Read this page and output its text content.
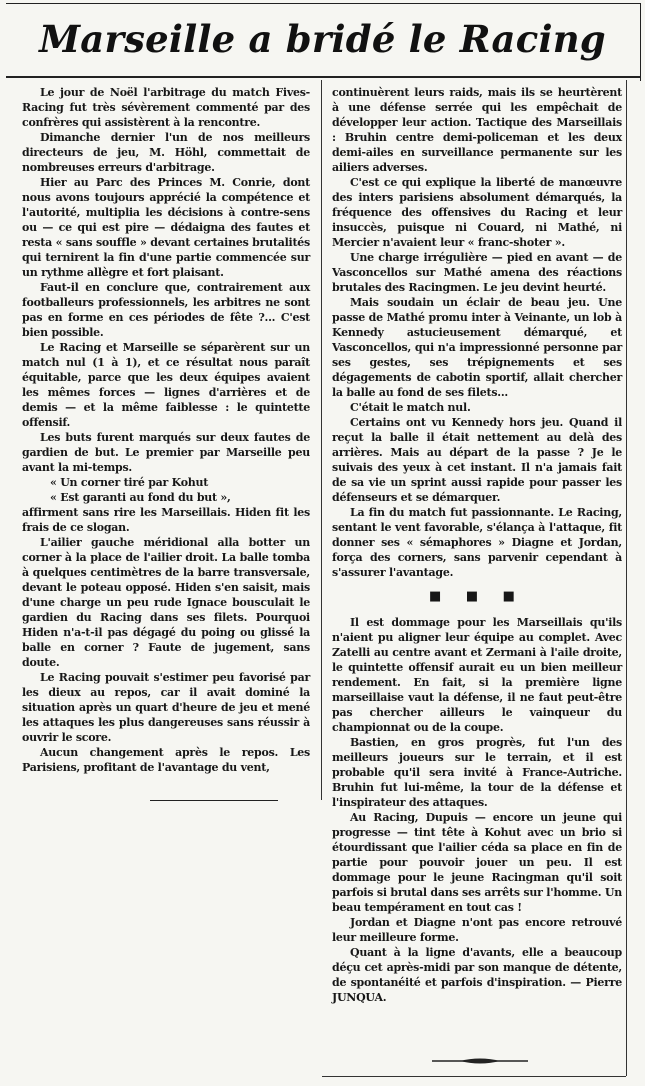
Marseille a bridé le Racing

Le jour de Noël l'arbitrage du match Fives-Racing fut très sévèrement commenté par des confrères qui assistèrent à la rencontre.

Dimanche dernier l'un de nos meilleurs directeurs de jeu, M. Höhl, commettait de nombreuses erreurs d'arbitrage.

Hier au Parc des Princes M. Conrie, dont nous avons toujours apprécié la compétence et l'autorité, multiplia les décisions à contre-sens ou — ce qui est pire — dédaigna des fautes et resta « sans souffle » devant certaines brutalités qui ternirent la fin d'une partie commencée sur un rythme allègre et fort plaisant.

Faut-il en conclure que, contrairement aux footballeurs professionnels, les arbitres ne sont pas en forme en ces périodes de fête ?... C'est bien possible.

Le Racing et Marseille se séparèrent sur un match nul (1 à 1), et ce résultat nous paraît équitable, parce que les deux équipes avaient les mêmes forces — lignes d'arrières et de demis — et la même faiblesse : le quintette offensif.

Les buts furent marqués sur deux fautes de gardien de but. Le premier par Marseille peu avant la mi-temps.

« Un corner tiré par Kohut

« Est garanti au fond du but »,

affirment sans rire les Marseillais. Hiden fit les frais de ce slogan.

L'ailier gauche méridional alla botter un corner à la place de l'ailier droit. La balle tomba à quelques centimètres de la barre transversale, devant le poteau opposé. Hiden s'en saisit, mais d'une charge un peu rude Ignace bousculait le gardien du Racing dans ses filets. Pourquoi Hiden n'a-t-il pas dégagé du poing ou glissé la balle en corner ? Faute de jugement, sans doute.

Le Racing pouvait s'estimer peu favorisé par les dieux au repos, car il avait dominé la situation après un quart d'heure de jeu et mené les attaques les plus dangereuses sans réussir à ouvrir le score.

Aucun changement après le repos. Les Parisiens, profitant de l'avantage du vent,

continuèrent leurs raids, mais ils se heurtèrent à une défense serrée qui les empêchait de développer leur action. Tactique des Marseillais : Bruhin centre demi-policeman et les deux demi-ailes en surveillance permanente sur les ailiers adverses.

C'est ce qui explique la liberté de manœuvre des inters parisiens absolument démarqués, la fréquence des offensives du Racing et leur insuccès, puisque ni Couard, ni Mathé, ni Mercier n'avaient leur « franc-shoter ».

Une charge irrégulière — pied en avant — de Vasconcellos sur Mathé amena des réactions brutales des Racingmen. Le jeu devint heurté.

Mais soudain un éclair de beau jeu. Une passe de Mathé promu inter à Veinante, un lob à Kennedy astucieusement démarqué, et Vasconcellos, qui n'a impressionné personne par ses gestes, ses trépignements et ses dégagements de cabotin sportif, allait chercher la balle au fond de ses filets...

C'était le match nul.

Certains ont vu Kennedy hors jeu. Quand il reçut la balle il était nettement au delà des arrières. Mais au départ de la passe ? Je le suivais des yeux à cet instant. Il n'a jamais fait de sa vie un sprint aussi rapide pour passer les défenseurs et se démarquer.

La fin du match fut passionnante. Le Racing, sentant le vent favorable, s'élança à l'attaque, fit donner ses « sémaphores » Diagne et Jordan, força des corners, sans parvenir cependant à s'assurer l'avantage.

■ ■ ■

Il est dommage pour les Marseillais qu'ils n'aient pu aligner leur équipe au complet. Avec Zatelli au centre avant et Zermani à l'aile droite, le quintette offensif aurait eu un bien meilleur rendement. En fait, si la première ligne marseillaise vaut la défense, il ne faut peut-être pas chercher ailleurs le vainqueur du championnat ou de la coupe.

Bastien, en gros progrès, fut l'un des meilleurs joueurs sur le terrain, et il est probable qu'il sera invité à France-Autriche. Bruhin fut lui-même, la tour de la défense et l'inspirateur des attaques.

Au Racing, Dupuis — encore un jeune qui progresse — tint tête à Kohut avec un brio si étourdissant que l'ailier céda sa place en fin de partie pour pouvoir jouer un peu. Il est dommage pour le jeune Racingman qu'il soit parfois si brutal dans ses arrêts sur l'homme. Un beau tempérament en tout cas !

Jordan et Diagne n'ont pas encore retrouvé leur meilleure forme.

Quant à la ligne d'avants, elle a beaucoup déçu cet après-midi par son manque de détente, de spontanéité et parfois d'inspiration. — Pierre JUNQUA.
